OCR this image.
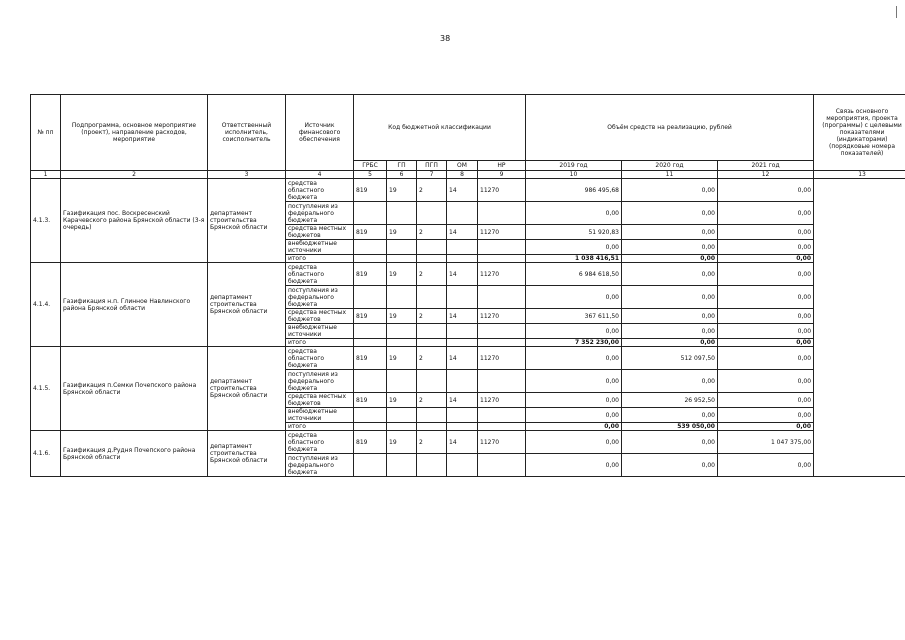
38
№ пп	Подпрограмма, основное мероприятие (проект), направление расходов, мероприятие	Ответственный исполнитель, соисполнитель	Источник финансового обеспечения	Код бюджетной классификации					Объём средств на реализацию, рублей			Связь основного мероприятия, проекта (программы) с целевыми показателями (индикаторами) (порядковые номера показателей)
				ГРБС	ГП	ПГП	ОМ	НР	2019 год	2020 год	2021 год	
1	2	3	4	5	6	7	8	9	10	11	12	13
4.1.3.	Газификация пос. Воскресенский Карачевского района Брянской области (3-я очередь)	департамент строительства Брянской области	средства областного бюджета	819	19	2	14	11270	986 495,68	0,00	0,00	
			поступления из федерального бюджета						0,00	0,00	0,00	
			средства местных бюджетов	819	19	2	14	11270	51 920,83	0,00	0,00	
			внебюджетные источники						0,00	0,00	0,00	
			итого						1 038 416,51	0,00	0,00	
4.1.4.	Газификация н.п. Глинное Навлинского района Брянской области	департамент строительства Брянской области	средства областного бюджета	819	19	2	14	11270	6 984 618,50	0,00	0,00	
			поступления из федерального бюджета						0,00	0,00	0,00	
			средства местных бюджетов	819	19	2	14	11270	367 611,50	0,00	0,00	
			внебюджетные источники						0,00	0,00	0,00	
			итого						7 352 230,00	0,00	0,00	
4.1.5.	Газификация п.Семки Почепского района Брянской области	департамент строительства Брянской области	средства областного бюджета	819	19	2	14	11270	0,00	512 097,50	0,00	
			поступления из федерального бюджета						0,00	0,00	0,00	
			средства местных бюджетов	819	19	2	14	11270	0,00	26 952,50	0,00	
			внебюджетные источники						0,00	0,00	0,00	
			итого						0,00	539 050,00	0,00	
4.1.6.	Газификация д.Рудня Почепского района Брянской области	департамент строительства Брянской области	средства областного бюджета	819	19	2	14	11270	0,00	0,00	1 047 375,00	
			поступления из федерального бюджета						0,00	0,00	0,00	
